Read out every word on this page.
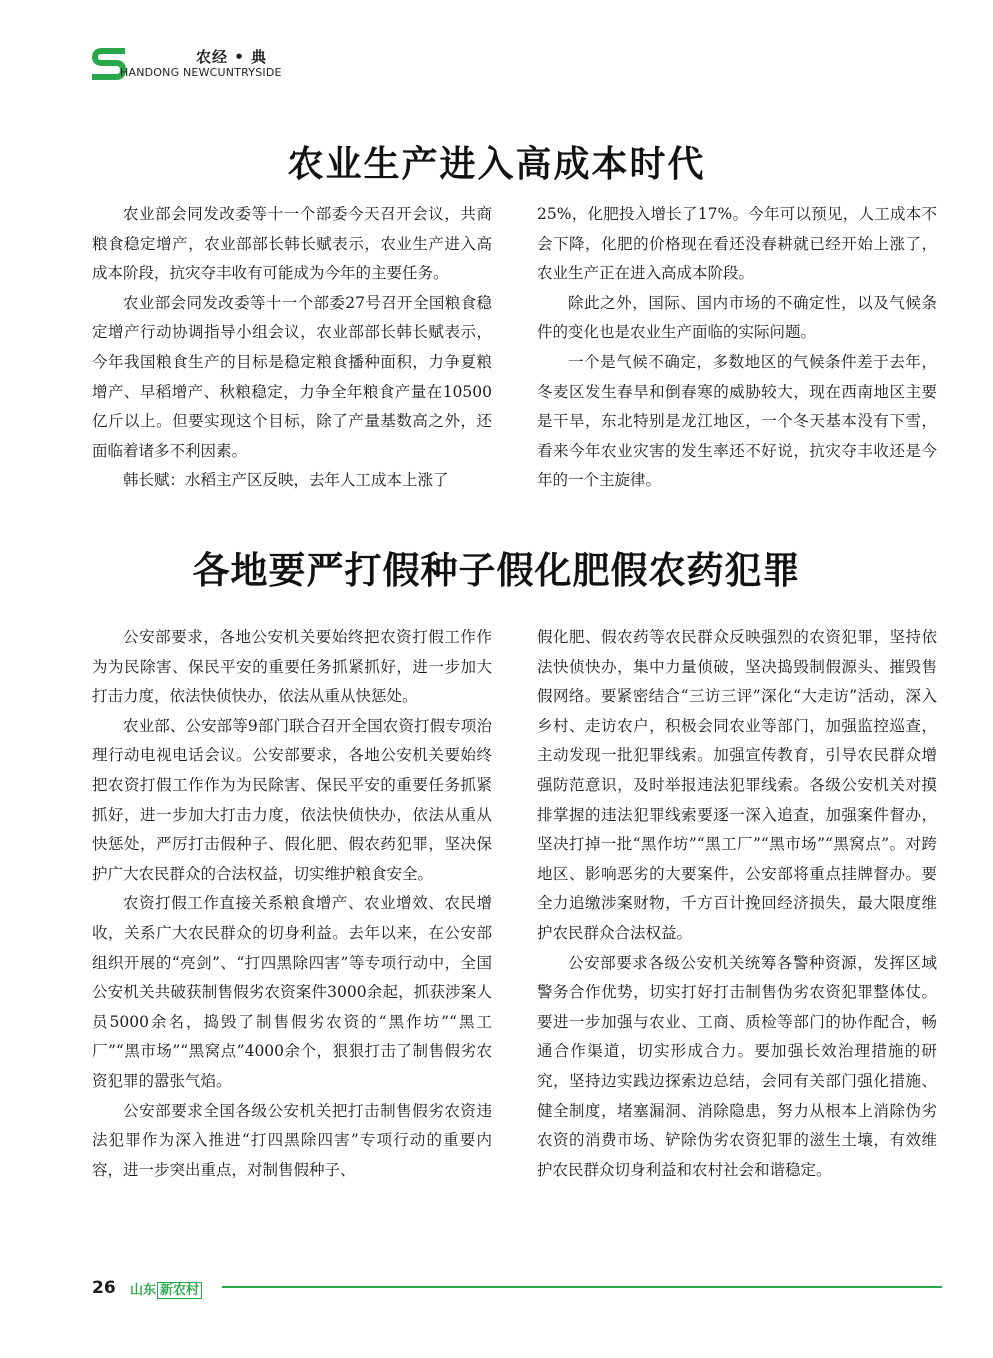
农经 • 典
HANDONG NEWCUNTRYSIDE
农业生产进入高成本时代

农业部会同发改委等十一个部委今天召开会议，共商粮食稳定增产，农业部部长韩长赋表示，农业生产进入高成本阶段，抗灾夺丰收有可能成为今年的主要任务。

农业部会同发改委等十一个部委27号召开全国粮食稳定增产行动协调指导小组会议，农业部部长韩长赋表示，今年我国粮食生产的目标是稳定粮食播种面积，力争夏粮增产、早稻增产、秋粮稳定，力争全年粮食产量在10500亿斤以上。但要实现这个目标，除了产量基数高之外，还面临着诸多不利因素。

韩长赋：水稻主产区反映，去年人工成本上涨了

25%，化肥投入增长了17%。今年可以预见，人工成本不会下降，化肥的价格现在看还没春耕就已经开始上涨了，农业生产正在进入高成本阶段。

除此之外，国际、国内市场的不确定性，以及气候条件的变化也是农业生产面临的实际问题。

一个是气候不确定，多数地区的气候条件差于去年，冬麦区发生春旱和倒春寒的威胁较大，现在西南地区主要是干旱，东北特别是龙江地区，一个冬天基本没有下雪，看来今年农业灾害的发生率还不好说，抗灾夺丰收还是今年的一个主旋律。

各地要严打假种子假化肥假农药犯罪

公安部要求，各地公安机关要始终把农资打假工作作为为民除害、保民平安的重要任务抓紧抓好，进一步加大打击力度，依法快侦快办，依法从重从快惩处。

农业部、公安部等9部门联合召开全国农资打假专项治理行动电视电话会议。公安部要求，各地公安机关要始终把农资打假工作作为为民除害、保民平安的重要任务抓紧抓好，进一步加大打击力度，依法快侦快办，依法从重从快惩处，严厉打击假种子、假化肥、假农药犯罪，坚决保护广大农民群众的合法权益，切实维护粮食安全。

农资打假工作直接关系粮食增产、农业增效、农民增收，关系广大农民群众的切身利益。去年以来，在公安部组织开展的“亮剑”、“打四黑除四害”等专项行动中，全国公安机关共破获制售假劣农资案件3000余起，抓获涉案人员5000余名，捣毁了制售假劣农资的“黑作坊”“黑工厂”“黑市场”“黑窝点”4000余个，狠狠打击了制售假劣农资犯罪的嚣张气焰。

公安部要求全国各级公安机关把打击制售假劣农资违法犯罪作为深入推进“打四黑除四害”专项行动的重要内容，进一步突出重点，对制售假种子、

假化肥、假农药等农民群众反映强烈的农资犯罪，坚持依法快侦快办，集中力量侦破，坚决捣毁制假源头、摧毁售假网络。要紧密结合“三访三评”深化“大走访”活动，深入乡村、走访农户，积极会同农业等部门，加强监控巡查，主动发现一批犯罪线索。加强宣传教育，引导农民群众增强防范意识，及时举报违法犯罪线索。各级公安机关对摸排掌握的违法犯罪线索要逐一深入追查，加强案件督办，坚决打掉一批“黑作坊”“黑工厂”“黑市场”“黑窝点”。对跨地区、影响恶劣的大要案件，公安部将重点挂牌督办。要全力追缴涉案财物，千方百计挽回经济损失，最大限度维护农民群众合法权益。

公安部要求各级公安机关统筹各警种资源，发挥区域警务合作优势，切实打好打击制售伪劣农资犯罪整体仗。要进一步加强与农业、工商、质检等部门的协作配合，畅通合作渠道，切实形成合力。要加强长效治理措施的研究，坚持边实践边探索边总结，会同有关部门强化措施、健全制度，堵塞漏洞、消除隐患，努力从根本上消除伪劣农资的消费市场、铲除伪劣农资犯罪的滋生土壤，有效维护农民群众切身利益和农村社会和谐稳定。

26 山东 新农村
